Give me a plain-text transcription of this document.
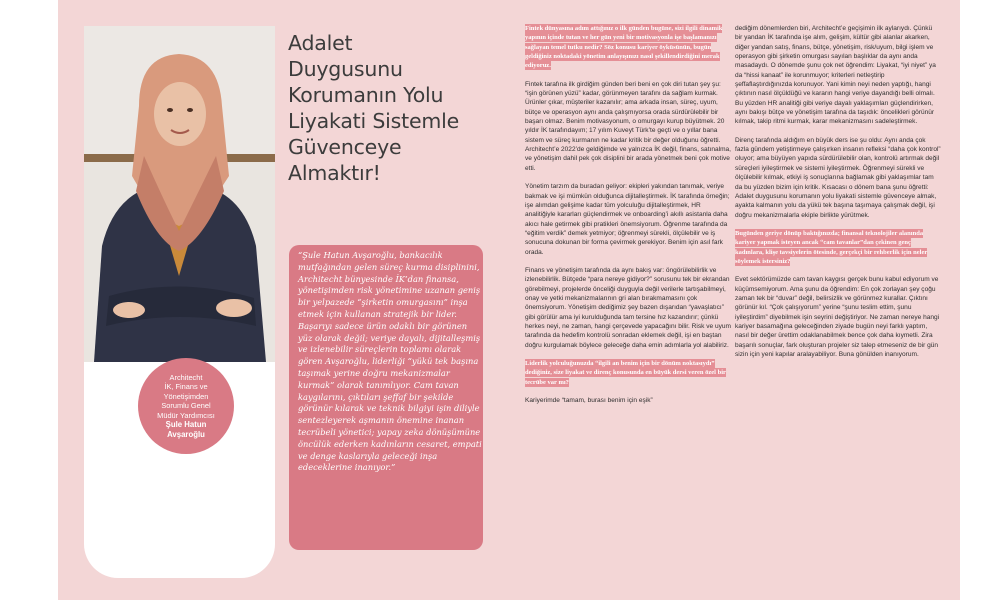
Architecht
İK, Finans ve
Yönetişimden
Sorumlu Genel
Müdür Yardımcısı
Şule Hatun
Avşaroğlu
Adalet
Duygusunu
Korumanın Yolu
Liyakati Sistemle
Güvenceye
Almaktır!
“Şule Hatun Avşaroğlu, bankacılık mutfağından gelen süreç kurma disiplinini, Architecht bünyesinde İK’dan finansa, yönetişimden risk yönetimine uzanan geniş bir yelpazede “şirketin omurgasını” inşa etmek için kullanan stratejik bir lider. Başarıyı sadece ürün odaklı bir görünen yüz olarak değil; veriye dayalı, dijitalleşmiş ve izlenebilir süreçlerin toplamı olarak gören Avşaroğlu, liderliği “yükü tek başına taşımak yerine doğru mekanizmalar kurmak” olarak tanımlıyor. Cam tavan kaygılarını, çıktıları şeffaf bir şekilde görünür kılarak ve teknik bilgiyi işin diliyle sentezleyerek aşmanın önemine inanan tecrübeli yönetici; yapay zeka dönüşümüne öncülük ederken kadınların cesaret, empati ve denge kaslarıyla geleceği inşa edeceklerine inanıyor.”

Fintek dünyasına adım attığınız o ilk günden bugüne, sizi ilgili dinamik yapının içinde tutan ve her gün yeni bir motivasyonla işe başlamanızı sağlayan temel tutku nedir? Söz konusu kariyer öyküsünün, bugün geldiğiniz noktadaki yönetim anlayışınızı nasıl şekillendirdiğini merak ediyoruz.

Fintek tarafına ilk girdiğim günden beri beni en çok diri tutan şey şu: “işin görünen yüzü” kadar, görünmeyen tarafını da sağlam kurmak. Ürünler çıkar, müşteriler kazanılır; ama arkada insan, süreç, uyum, bütçe ve operasyon aynı anda çalışmıyorsa orada sürdürülebilir bir başarı olmaz. Benim motivasyonum, o omurgayı kurup büyütmek. 20 yıldır İK tarafındayım; 17 yılım Kuveyt Türk’te geçti ve o yıllar bana sistem ve süreç kurmanın ne kadar kritik bir değer olduğunu öğretti. Architecht’e 2022’de geldiğimde ve yalnızca İK değil, finans, satınalma, ve yönetişim dahil pek çok disiplini bir arada yönetmek beni çok motive etti.

Yönetim tarzım da buradan geliyor: ekipleri yakından tanımak, veriye bakmak ve işi mümkün olduğunca dijitalleştirmek. İK tarafında örneğin; işe alımdan gelişime kadar tüm yolculuğu dijitalleştirmek, HR analitiğiyle kararları güçlendirmek ve onboarding’i akıllı asistanla daha akıcı hale getirmek gibi pratikleri önemsiyorum. Öğrenme tarafında da “eğitim verdik” demek yetmiyor; öğrenmeyi sürekli, ölçülebilir ve iş sonucuna dokunan bir forma çevirmek gerekiyor. Benim için asıl fark orada.

Finans ve yönetişim tarafında da aynı bakış var: öngörülebilirlik ve izlenebilirlik. Bütçede “para nereye gidiyor?” sorusunu tek bir ekrandan görebilmeyi, projelerde önceliği duyguyla değil verilerle tartışabilmeyi, onay ve yetki mekanizmalarının gri alan bırakmamasını çok önemsiyorum. Yönetişim dediğimiz şey bazen dışarıdan “yavaşlatıcı” gibi görülür ama iyi kurulduğunda tam tersine hız kazandırır; çünkü herkes neyi, ne zaman, hangi çerçevede yapacağını bilir. Risk ve uyum tarafında da hedefim kontrolü sonradan eklemek değil, işi en baştan doğru kurgulamak böylece geleceğe daha emin adımlarla yol alabiliriz.

Liderlik yolculuğunuzda “ilgili an benim için bir dönüm noktasıydı” dediğiniz, size liyakat ve direnç konusunda en büyük dersi veren özel bir tecrübe var mı?

Kariyerimde “tamam, burası benim için eşik”

dediğim dönemlerden biri, Architecht’e geçişimin ilk aylarıydı. Çünkü bir yandan İK tarafında işe alım, gelişim, kültür gibi alanlar akarken, diğer yandan satış, finans, bütçe, yönetişim, risk/uyum, bilgi işlem ve operasyon gibi şirketin omurgası sayılan başlıklar da aynı anda masadaydı. O dönemde şunu çok net öğrendim: Liyakat, “iyi niyet” ya da “hissi kanaat” ile korunmuyor; kriterleri netleştirip şeffaflaştırdığınızda korunuyor. Yani kimin neyi neden yaptığı, hangi çıktının nasıl ölçüldüğü ve kararın hangi veriye dayandığı belli olmalı. Bu yüzden HR analitiği gibi veriye dayalı yaklaşımları güçlendirirken, aynı bakışı bütçe ve yönetişim tarafına da taşıdık: öncelikleri görünür kılmak, takip ritmi kurmak, karar mekanizmasını sadeleştirmek.

Direnç tarafında aldığım en büyük ders ise şu oldu: Aynı anda çok fazla gündem yetiştirmeye çalışırken insanın refleksi “daha çok kontrol” oluyor; ama büyüyen yapıda sürdürülebilir olan, kontrolü artırmak değil süreçleri iyileştirmek ve sistemi iyileştirmek. Öğrenmeyi sürekli ve ölçülebilir kılmak, etkiyi iş sonuçlarına bağlamak gibi yaklaşımlar tam da bu yüzden bizim için kritik. Kısacası o dönem bana şunu öğretti: Adalet duygusunu korumanın yolu liyakati sistemle güvenceye almak, ayakta kalmanın yolu da yükü tek başına taşımaya çalışmak değil, işi doğru mekanizmalarla ekiple birlikte yürütmek.

Bugünden geriye dönüp baktığınızda; finansal teknolojiler alanında kariyer yapmak isteyen ancak “cam tavanlar”dan çekinen genç kadınlara, klişe tavsiyelerin ötesinde, gerçekçi bir rehberlik için neler söylemek istersiniz?

Evet sektörümüzde cam tavan kaygısı gerçek bunu kabul ediyorum ve küçümsemiyorum. Ama şunu da öğrendim: En çok zorlayan şey çoğu zaman tek bir “duvar” değil, belirsizlik ve görünmez kurallar. Çıktını görünür kıl. “Çok çalışıyorum” yerine “şunu teslim ettim, şunu iyileştirdim” diyebilmek işin seyrini değiştiriyor. Ne zaman nereye hangi kariyer basamağına geleceğinden ziyade bugün neyi farklı yaptım, nasıl bir değer ürettim odaklanabilmek bence çok daha kıymetli. Zira başarılı sonuçlar, fark oluşturan projeler siz talep etmeseniz de bir gün sizin için yeni kapılar aralayabiliyor. Buna gönülden inanıyorum.
